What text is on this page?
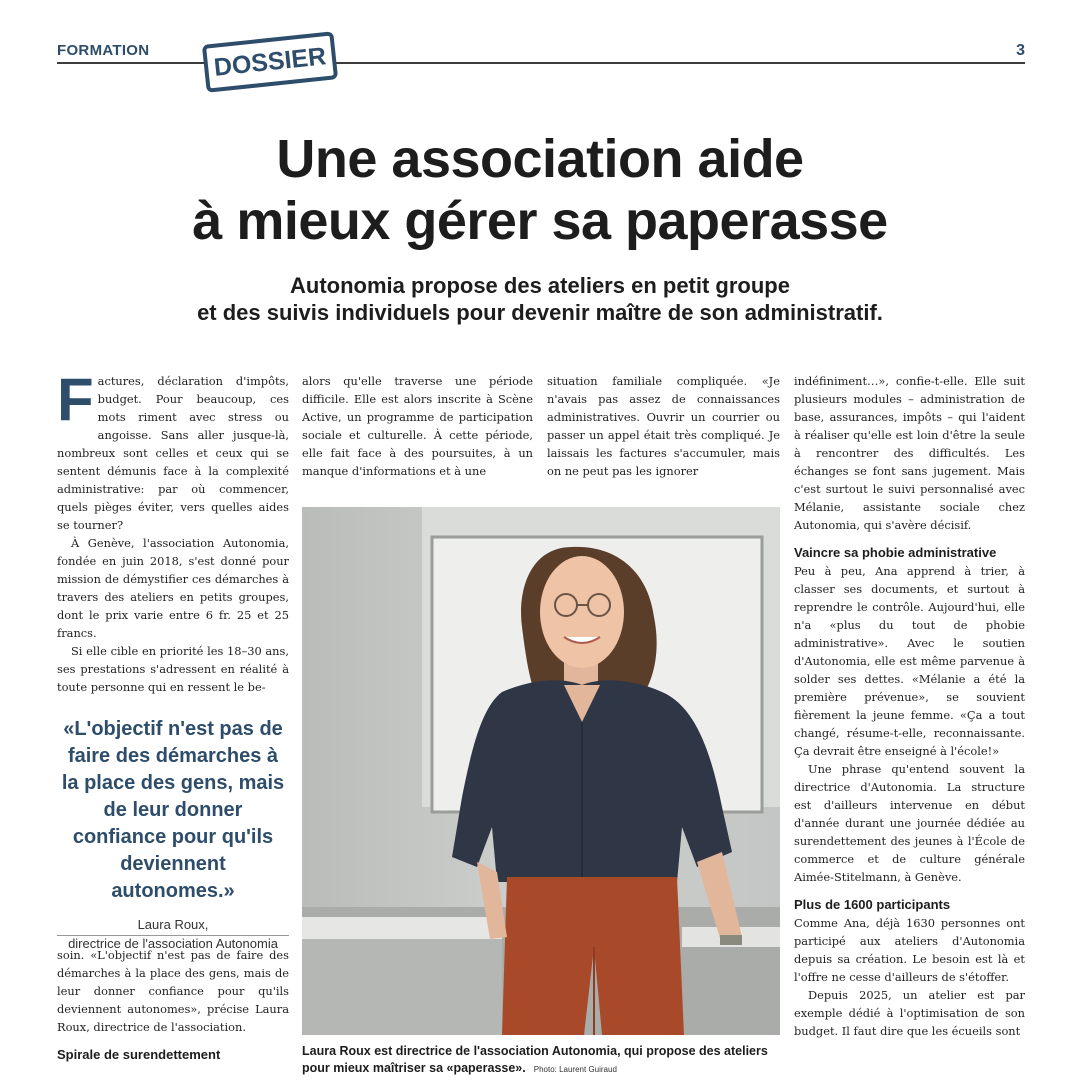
FORMATION	DOSSIER	3
Une association aide
à mieux gérer sa paperasse
Autonomia propose des ateliers en petit groupe
et des suivis individuels pour devenir maître de son administratif.

Factures, déclaration d'impôts, budget. Pour beaucoup, ces mots riment avec stress ou angoisse. Sans aller jusque-là, nombreux sont celles et ceux qui se sentent démunis face à la complexité administrative: par où commencer, quels pièges éviter, vers quelles aides se tourner?

À Genève, l'association Autonomia, fondée en juin 2018, s'est donné pour mission de démystifier ces démarches à travers des ateliers en petits groupes, dont le prix varie entre 6 fr. 25 et 25 francs.

Si elle cible en priorité les 18–30 ans, ses prestations s'adressent en réalité à toute personne qui en ressent le be-

«L'objectif n'est pas de faire des démarches à la place des gens, mais de leur donner confiance pour qu'ils deviennent autonomes.»
Laura Roux,
directrice de l'association Autonomia

soin. «L'objectif n'est pas de faire des démarches à la place des gens, mais de leur donner confiance pour qu'ils deviennent autonomes», précise Laura Roux, directrice de l'association.

Spirale de surendettement

alors qu'elle traverse une période difficile. Elle est alors inscrite à Scène Active, un programme de participation sociale et culturelle. À cette période, elle fait face à des poursuites, à un manque d'informations et à une

situation familiale compliquée. «Je n'avais pas assez de connaissances administratives. Ouvrir un courrier ou passer un appel était très compliqué. Je laissais les factures s'accumuler, mais on ne peut pas les ignorer

indéfiniment…», confie-t-elle. Elle suit plusieurs modules – administration de base, assurances, impôts – qui l'aident à réaliser qu'elle est loin d'être la seule à rencontrer des difficultés. Les échanges se font sans jugement. Mais c'est surtout le suivi personnalisé avec Mélanie, assistante sociale chez Autonomia, qui s'avère décisif.

Vaincre sa phobie administrative

Peu à peu, Ana apprend à trier, à classer ses documents, et surtout à reprendre le contrôle. Aujourd'hui, elle n'a «plus du tout de phobie administrative». Avec le soutien d'Autonomia, elle est même parvenue à solder ses dettes. «Mélanie a été la première prévenue», se souvient fièrement la jeune femme. «Ça a tout changé, résume-t-elle, reconnaissante. Ça devrait être enseigné à l'école!»

Une phrase qu'entend souvent la directrice d'Autonomia. La structure est d'ailleurs intervenue en début d'année durant une journée dédiée au surendettement des jeunes à l'École de commerce et de culture générale Aimée-Stitelmann, à Genève.

Plus de 1600 participants

Comme Ana, déjà 1630 personnes ont participé aux ateliers d'Autonomia depuis sa création. Le besoin est là et l'offre ne cesse d'ailleurs de s'étoffer.

Depuis 2025, un atelier est par exemple dédié à l'optimisation de son budget. Il faut dire que les écueils sont

Laura Roux est directrice de l'association Autonomia, qui propose des ateliers pour mieux maîtriser sa «paperasse». Photo: Laurent Guiraud
